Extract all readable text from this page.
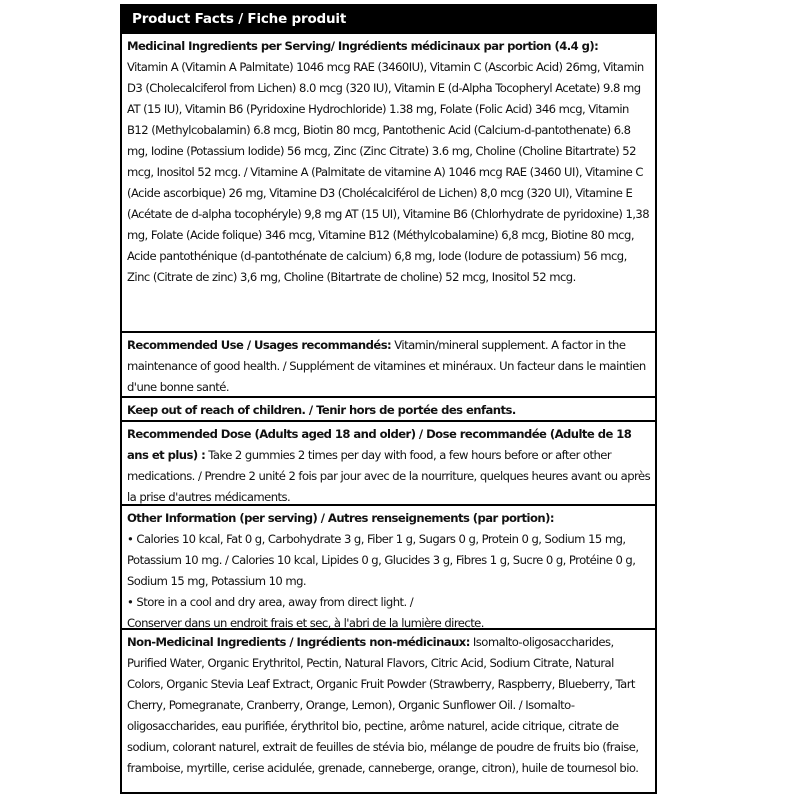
Product Facts / Fiche produit
Medicinal Ingredients per Serving/ Ingrédients médicinaux par portion (4.4 g):
Vitamin A (Vitamin A Palmitate) 1046 mcg RAE (3460IU), Vitamin C (Ascorbic Acid) 26mg, Vitamin D3 (Cholecalciferol from Lichen) 8.0 mcg (320 IU), Vitamin E (d-Alpha Tocopheryl Acetate) 9.8 mg AT (15 IU), Vitamin B6 (Pyridoxine Hydrochloride) 1.38 mg, Folate (Folic Acid) 346 mcg, Vitamin B12 (Methylcobalamin) 6.8 mcg, Biotin 80 mcg, Pantothenic Acid (Calcium-d-pantothenate) 6.8 mg, Iodine (Potassium Iodide) 56 mcg, Zinc (Zinc Citrate) 3.6 mg, Choline (Choline Bitartrate) 52 mcg, Inositol 52 mcg. / Vitamine A (Palmitate de vitamine A) 1046 mcg RAE (3460 UI), Vitamine C (Acide ascorbique) 26 mg, Vitamine D3 (Cholécalciférol de Lichen) 8,0 mcg (320 UI), Vitamine E (Acétate de d-alpha tocophéryle) 9,8 mg AT (15 UI), Vitamine B6 (Chlorhydrate de pyridoxine) 1,38 mg, Folate (Acide folique) 346 mcg, Vitamine B12 (Méthylcobalamine) 6,8 mcg, Biotine 80 mcg, Acide pantothénique (d-pantothénate de calcium) 6,8 mg, Iode (Iodure de potassium) 56 mcg, Zinc (Citrate de zinc) 3,6 mg, Choline (Bitartrate de choline) 52 mcg, Inositol 52 mcg.
Recommended Use / Usages recommandés: Vitamin/mineral supplement. A factor in the maintenance of good health. / Supplément de vitamines et minéraux. Un facteur dans le maintien d'une bonne santé.
Keep out of reach of children. / Tenir hors de portée des enfants.
Recommended Dose (Adults aged 18 and older) / Dose recommandée (Adulte de 18 ans et plus) : Take 2 gummies 2 times per day with food, a few hours before or after other medications. / Prendre 2 unité 2 fois par jour avec de la nourriture, quelques heures avant ou après la prise d'autres médicaments.
Other Information (per serving) / Autres renseignements (par portion):
• Calories 10 kcal, Fat 0 g, Carbohydrate 3 g, Fiber 1 g, Sugars 0 g, Protein 0 g, Sodium 15 mg, Potassium 10 mg. / Calories 10 kcal, Lipides 0 g, Glucides 3 g, Fibres 1 g, Sucre 0 g, Protéine 0 g, Sodium 15 mg, Potassium 10 mg.
• Store in a cool and dry area, away from direct light. /
Conserver dans un endroit frais et sec, à l'abri de la lumière directe.
Non-Medicinal Ingredients / Ingrédients non-médicinaux: Isomalto-oligosaccharides, Purified Water, Organic Erythritol, Pectin, Natural Flavors, Citric Acid, Sodium Citrate, Natural Colors, Organic Stevia Leaf Extract, Organic Fruit Powder (Strawberry, Raspberry, Blueberry, Tart Cherry, Pomegranate, Cranberry, Orange, Lemon), Organic Sunflower Oil. / Isomalto-oligosaccharides, eau purifiée, érythritol bio, pectine, arôme naturel, acide citrique, citrate de sodium, colorant naturel, extrait de feuilles de stévia bio, mélange de poudre de fruits bio (fraise, framboise, myrtille, cerise acidulée, grenade, canneberge, orange, citron), huile de tournesol bio.
